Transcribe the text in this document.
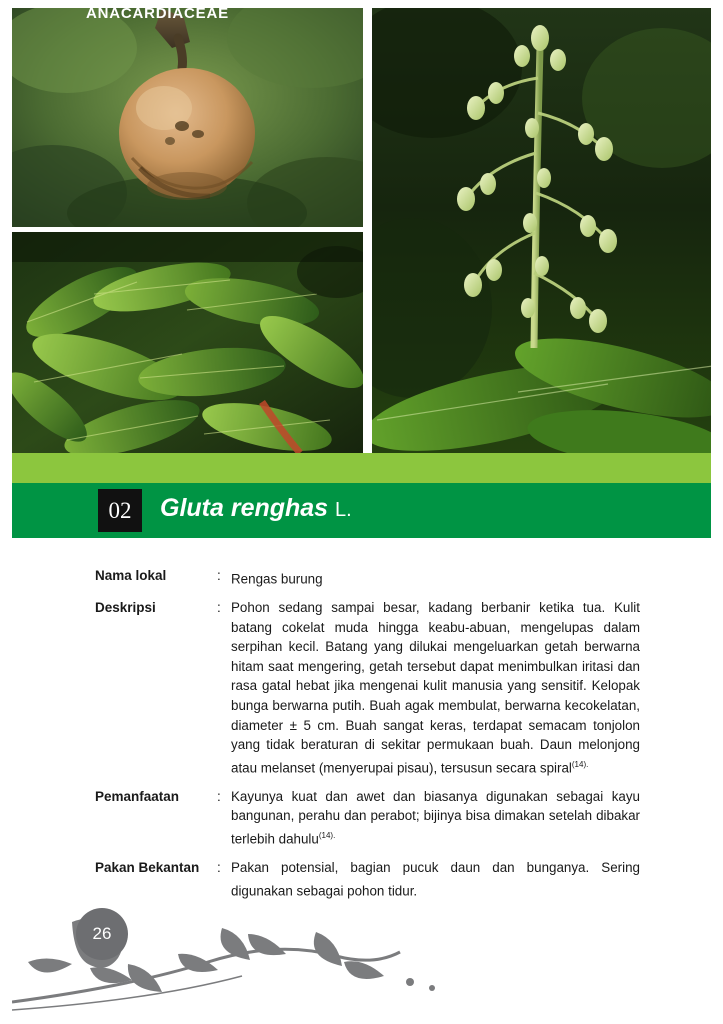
ANACARDIACEAE
02	Gluta renghas L.
Nama lokal	: Rengas burung
Deskripsi	: Pohon sedang sampai besar, kadang berbanir ketika tua. Kulit batang cokelat muda hingga keabu-abuan, mengelupas dalam serpihan kecil. Batang yang dilukai mengeluarkan getah berwarna hitam saat mengering, getah tersebut dapat menimbulkan iritasi dan rasa gatal hebat jika mengenai kulit manusia yang sensitif. Kelopak bunga berwarna putih. Buah agak membulat, berwarna kecokelatan, diameter ± 5 cm. Buah sangat keras, terdapat semacam tonjolon yang tidak beraturan di sekitar permukaan buah. Daun melonjong atau melanset (menyerupai pisau), tersusun secara spiral$^{(14).}$
Pemanfaatan	: Kayunya kuat dan awet dan biasanya digunakan sebagai kayu bangunan, perahu dan perabot; bijinya bisa dimakan setelah dibakar terlebih dahulu$^{(14).}$
Pakan Bekantan	: Pakan potensial, bagian pucuk daun dan bunganya. Sering digunakan sebagai pohon tidur.
26
